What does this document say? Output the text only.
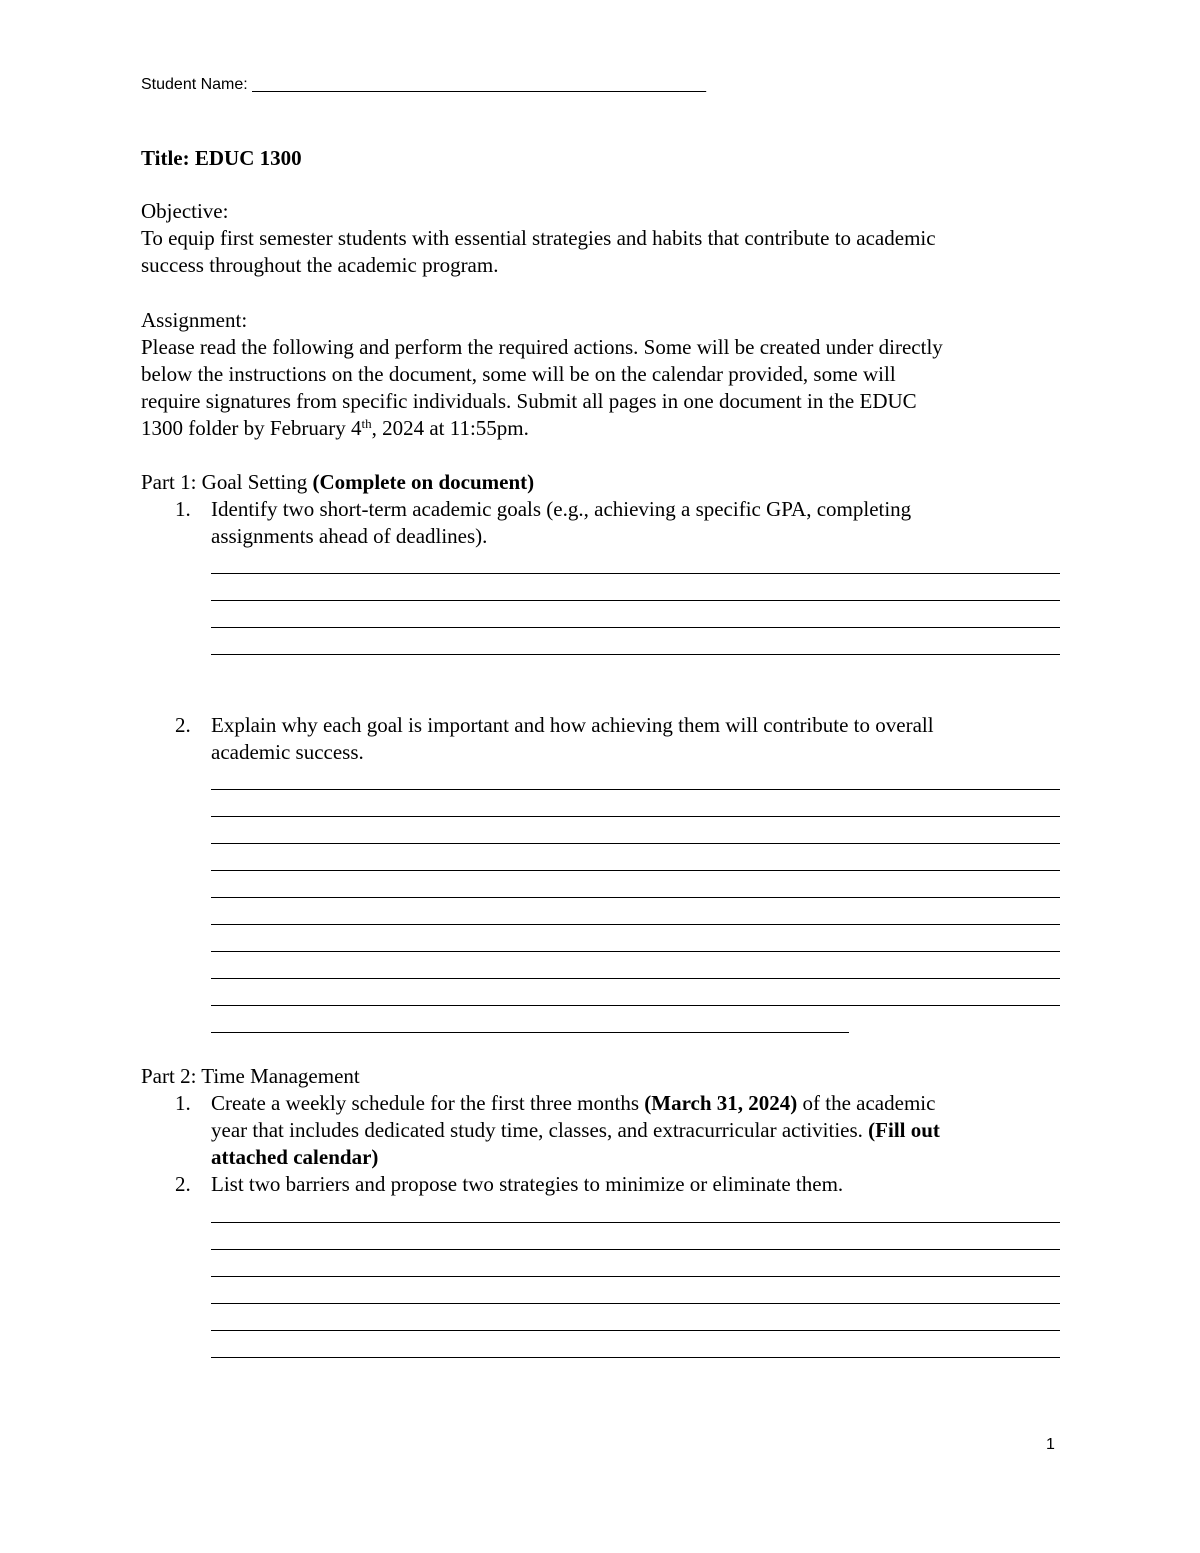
Student Name: ___________________________________________________
Title: EDUC 1300
Objective:
To equip first semester students with essential strategies and habits that contribute to academic
success throughout the academic program.
Assignment:
Please read the following and perform the required actions. Some will be created under directly
below the instructions on the document, some will be on the calendar provided, some will
require signatures from specific individuals. Submit all pages in one document in the EDUC
1300 folder by February 4th, 2024 at 11:55pm.
Part 1: Goal Setting (Complete on document)
1. Identify two short-term academic goals (e.g., achieving a specific GPA, completing
assignments ahead of deadlines).
2. Explain why each goal is important and how achieving them will contribute to overall
academic success.
Part 2: Time Management
1. Create a weekly schedule for the first three months (March 31, 2024) of the academic
year that includes dedicated study time, classes, and extracurricular activities. (Fill out
attached calendar)
2. List two barriers and propose two strategies to minimize or eliminate them.
1
